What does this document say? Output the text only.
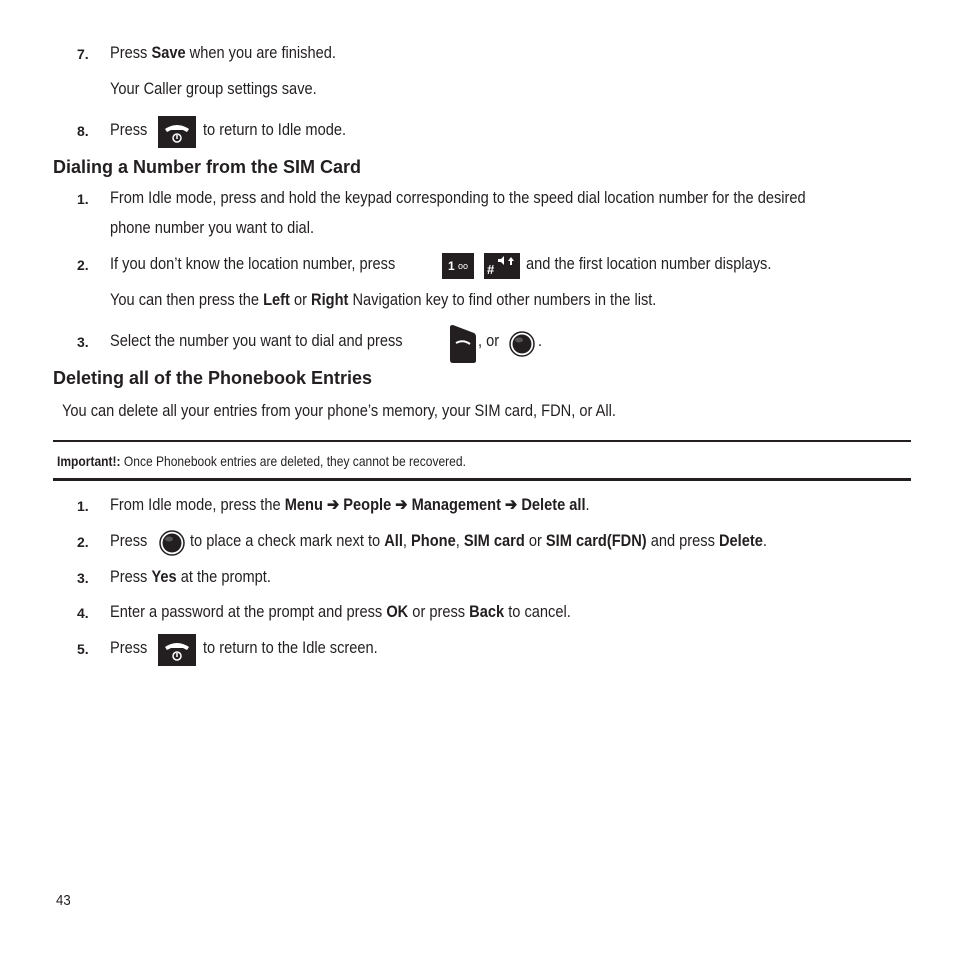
7. Press Save when you are finished.
Your Caller group settings save.
8. Press	to return to Idle mode.
Dialing a Number from the SIM Card
1. From Idle mode, press and hold the keypad corresponding to the speed dial location number for the desired
phone number you want to dial.
2. If you don’t know the location number, press	1 oo # and the first location number displays.
You can then press the Left or Right Navigation key to find other numbers in the list.
3. Select the number you want to dial and press	, or .
Deleting all of the Phonebook Entries
You can delete all your entries from your phone’s memory, your SIM card, FDN, or All.
Important!: Once Phonebook entries are deleted, they cannot be recovered.
1. From Idle mode, press the Menu ➔ People ➔ Management ➔ Delete all.
2. Press	to place a check mark next to All, Phone, SIM card or SIM card(FDN) and press Delete.
3. Press Yes at the prompt.
4. Enter a password at the prompt and press OK or press Back to cancel.
5. Press	to return to the Idle screen.
43
